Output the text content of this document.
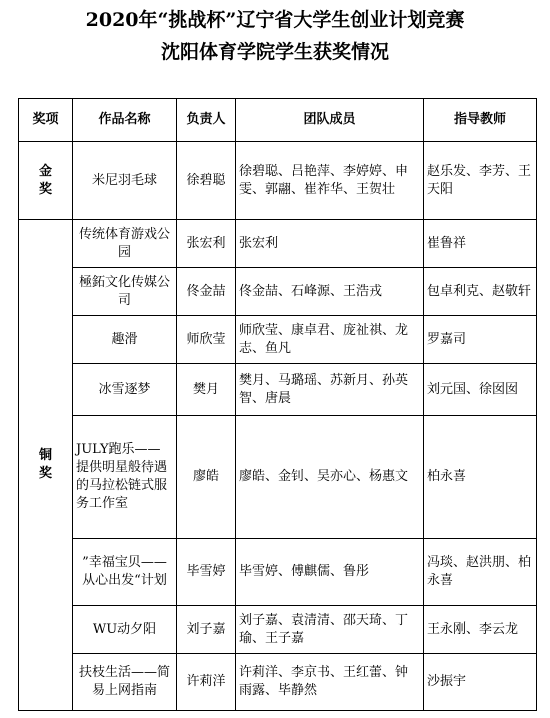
2020年“挑战杯”辽宁省大学生创业计划竞赛
沈阳体育学院学生获奖情况
奖项	作品名称	负责人	团队成员	指导教师

金奖	米尼羽毛球	徐碧聪	徐碧聪、吕艳萍、李婷婷、申雯、郭翮、崔祚华、王贺壮	赵乐发、李芳、王天阳

铜奖	传统体育游戏公园	张宏利	张宏利	崔鲁祥
	極鉐文化传媒公司	佟金喆	佟金喆、石峰源、王浩戎	包卓利克、赵敬轩
	趣滑	师欣莹	师欣莹、康卓君、庞祉祺、龙志、鱼凡	罗嘉司
	冰雪逐梦	樊月	樊月、马璐瑶、苏新月、孙英智、唐晨	刘元国、徐囡囡
	JULY跑乐——提供明星般待遇的马拉松链式服务工作室	廖皓	廖皓、金钊、吴亦心、杨惠文	柏永喜
	”幸福宝贝——从心出发“计划	毕雪婷	毕雪婷、傅麒儒、鲁彤	冯琰、赵洪朋、柏永喜
	WU动夕阳	刘子嘉	刘子嘉、袁清清、邵天琦、丁瑜、王子嘉	王永刚、李云龙
	扶枝生活——简易上网指南	许莉洋	许莉洋、李京书、王红蕾、钟雨露、毕静然	沙振宇
